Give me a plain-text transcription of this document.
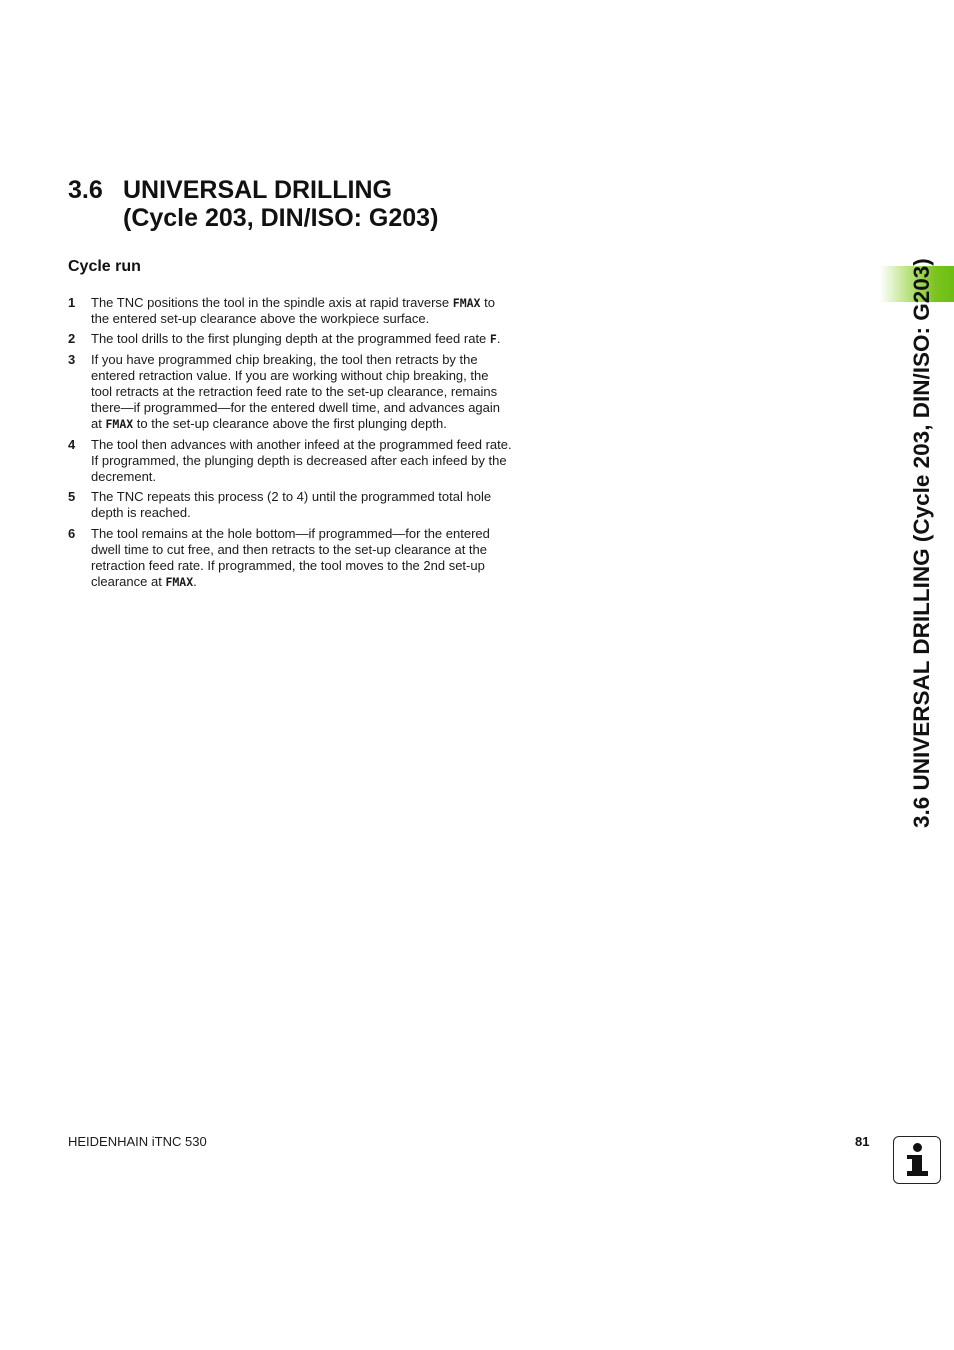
3.6 UNIVERSAL DRILLING
(Cycle 203, DIN/ISO: G203)
Cycle run
1 The TNC positions the tool in the spindle axis at rapid traverse FMAX to the entered set-up clearance above the workpiece surface.
2 The tool drills to the first plunging depth at the programmed feed rate F.
3 If you have programmed chip breaking, the tool then retracts by the entered retraction value. If you are working without chip breaking, the tool retracts at the retraction feed rate to the set-up clearance, remains there—if programmed—for the entered dwell time, and advances again at FMAX to the set-up clearance above the first plunging depth.
4 The tool then advances with another infeed at the programmed feed rate. If programmed, the plunging depth is decreased after each infeed by the decrement.
5 The TNC repeats this process (2 to 4) until the programmed total hole depth is reached.
6 The tool remains at the hole bottom—if programmed—for the entered dwell time to cut free, and then retracts to the set-up clearance at the retraction feed rate. If programmed, the tool moves to the 2nd set-up clearance at FMAX.	3.6 UNIVERSAL DRILLING (Cycle 203, DIN/ISO: G203)
HEIDENHAIN iTNC 530	81
